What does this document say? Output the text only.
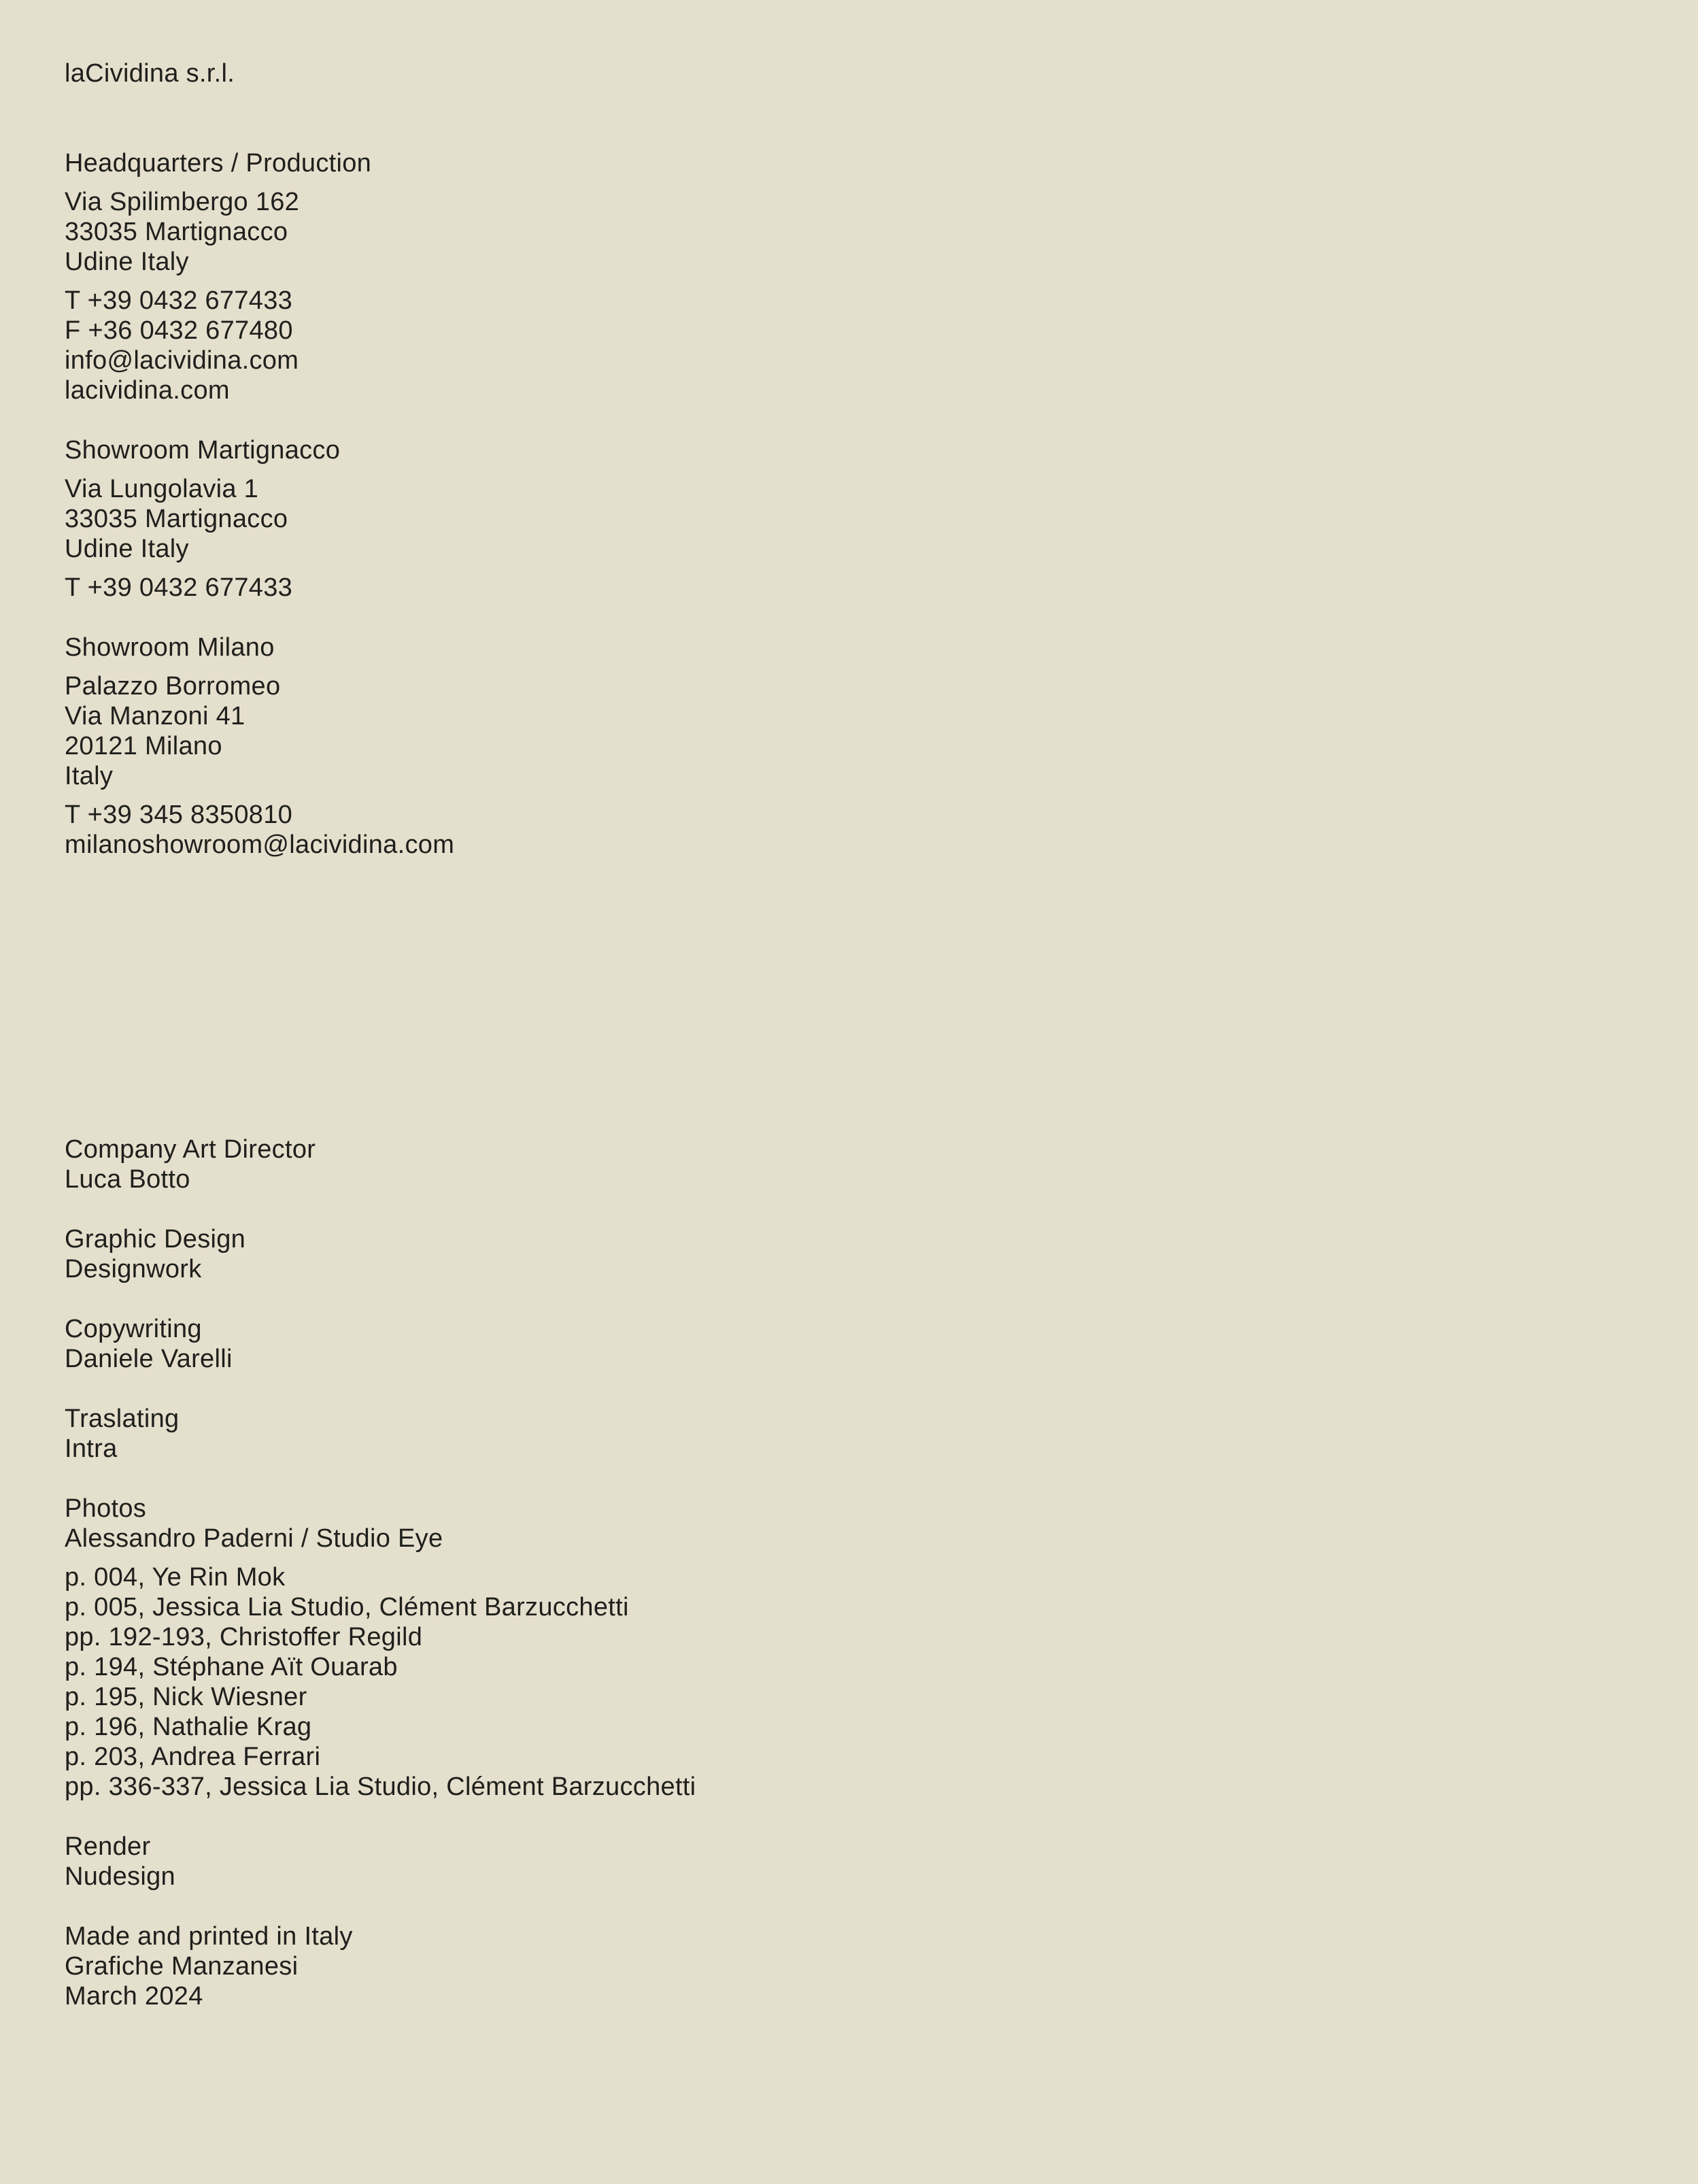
laCividina s.r.l.
Headquarters / Production
Via Spilimbergo 162
33035 Martignacco
Udine Italy
T +39 0432 677433
F +36 0432 677480
info@lacividina.com
lacividina.com
Showroom Martignacco
Via Lungolavia 1
33035 Martignacco
Udine Italy
T +39 0432 677433
Showroom Milano
Palazzo Borromeo
Via Manzoni 41
20121 Milano
Italy
T +39 345 8350810
milanoshowroom@lacividina.com
Company Art Director
Luca Botto
Graphic Design
Designwork
Copywriting
Daniele Varelli
Traslating
Intra
Photos
Alessandro Paderni / Studio Eye
p. 004, Ye Rin Mok
p. 005, Jessica Lia Studio, Clément Barzucchetti
pp. 192-193, Christoffer Regild
p. 194, Stéphane Aït Ouarab
p. 195, Nick Wiesner
p. 196, Nathalie Krag
p. 203, Andrea Ferrari
pp. 336-337, Jessica Lia Studio, Clément Barzucchetti
Render
Nudesign
Made and printed in Italy
Grafiche Manzanesi
March 2024
